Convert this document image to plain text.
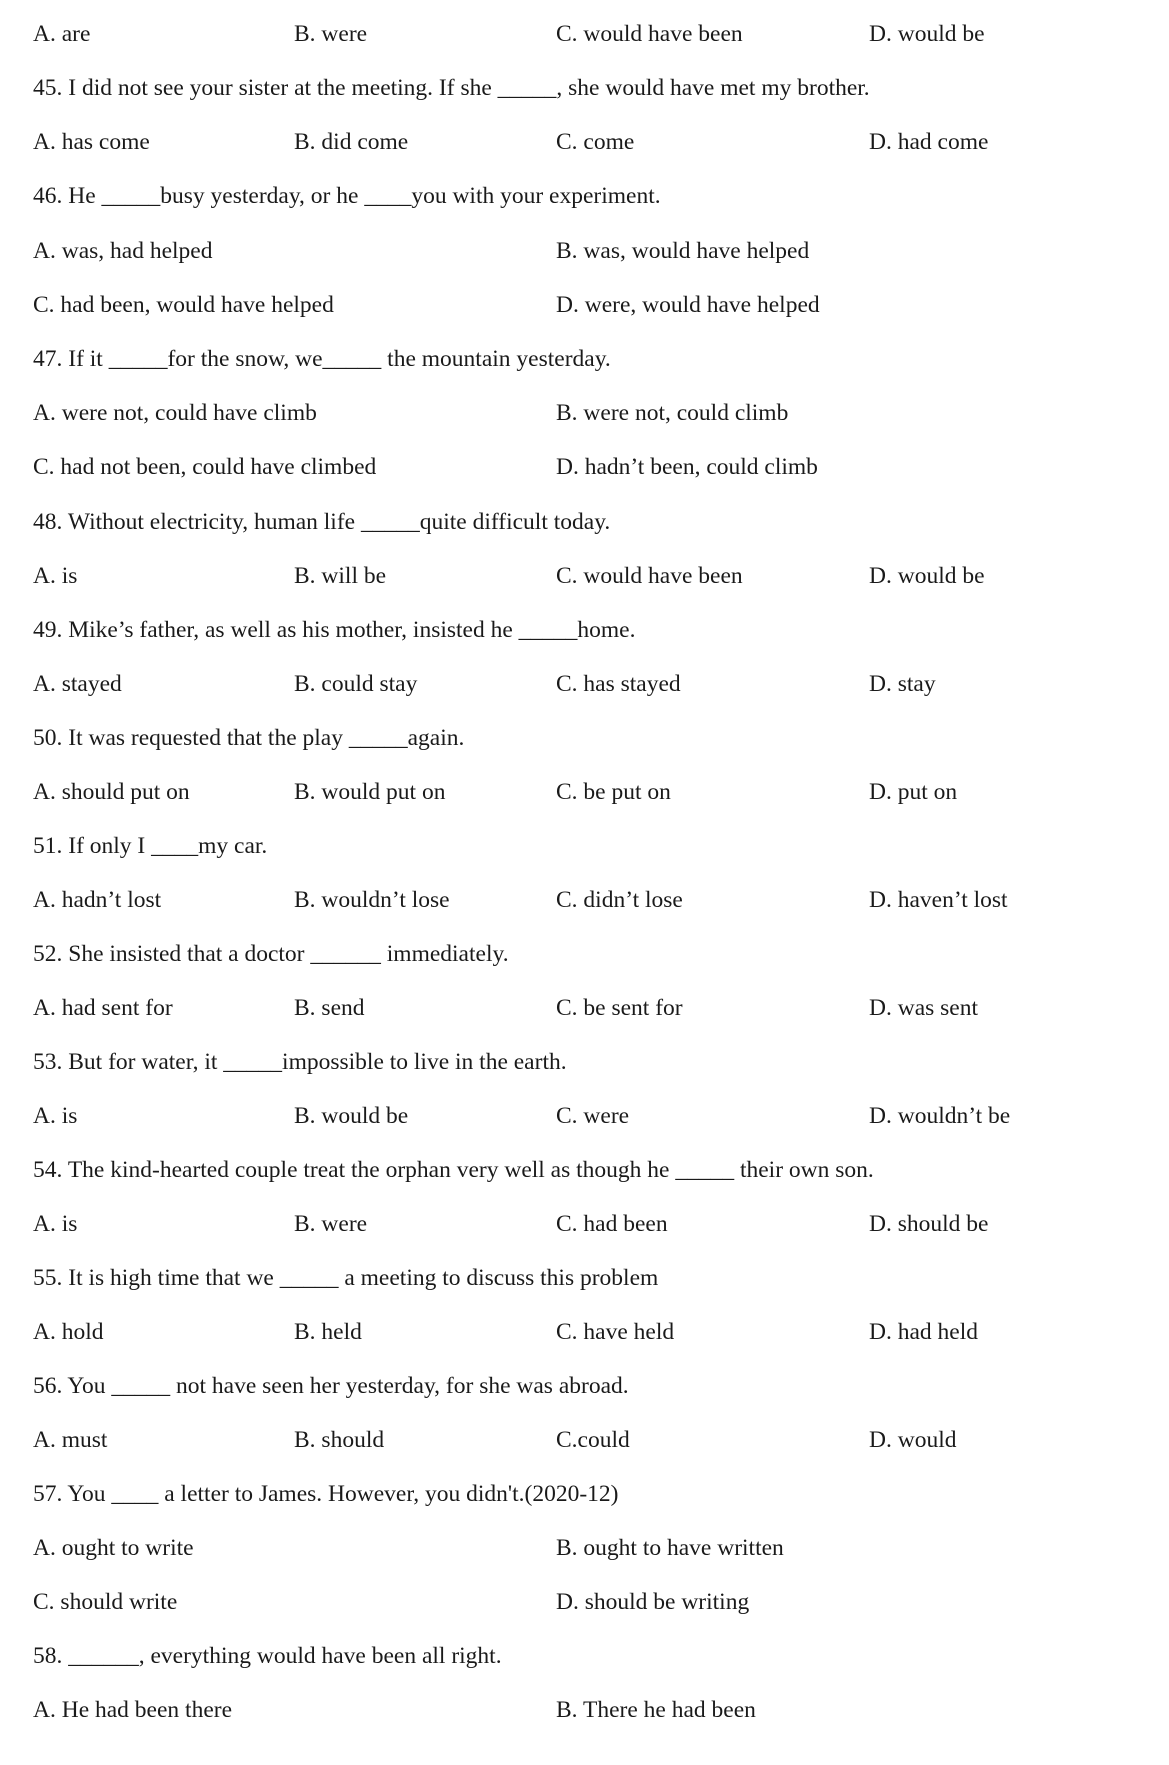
A. are	B. were	C. would have been	D. would be
45. I did not see your sister at the meeting. If she _____, she would have met my brother.
A. has come	B. did come	C. come	D. had come
46. He _____busy yesterday, or he ____you with your experiment.
A. was, had helped	B. was, would have helped
C. had been, would have helped	D. were, would have helped
47. If it _____for the snow, we_____ the mountain yesterday.
A. were not, could have climb	B. were not, could climb
C. had not been, could have climbed	D. hadn’t been, could climb
48. Without electricity, human life _____quite difficult today.
A. is	B. will be	C. would have been	D. would be
49. Mike’s father, as well as his mother, insisted he _____home.
A. stayed	B. could stay	C. has stayed	D. stay
50. It was requested that the play _____again.
A. should put on	B. would put on	C. be put on	D. put on
51. If only I ____my car.
A. hadn’t lost	B. wouldn’t lose	C. didn’t lose	D. haven’t lost
52. She insisted that a doctor ______ immediately.
A. had sent for	B. send	C. be sent for	D. was sent
53. But for water, it _____impossible to live in the earth.
A. is	B. would be	C. were	D. wouldn’t be
54. The kind-hearted couple treat the orphan very well as though he _____ their own son.
A. is	B. were	C. had been	D. should be
55. It is high time that we _____ a meeting to discuss this problem
A. hold	B. held	C. have held	D. had held
56. You _____ not have seen her yesterday, for she was abroad.
A. must	B. should	C.could	D. would
57. You ____ a letter to James. However, you didn't.(2020-12)
A. ought to write	B. ought to have written
C. should write	D. should be writing
58. ______, everything would have been all right.
A. He had been there	B. There he had been
